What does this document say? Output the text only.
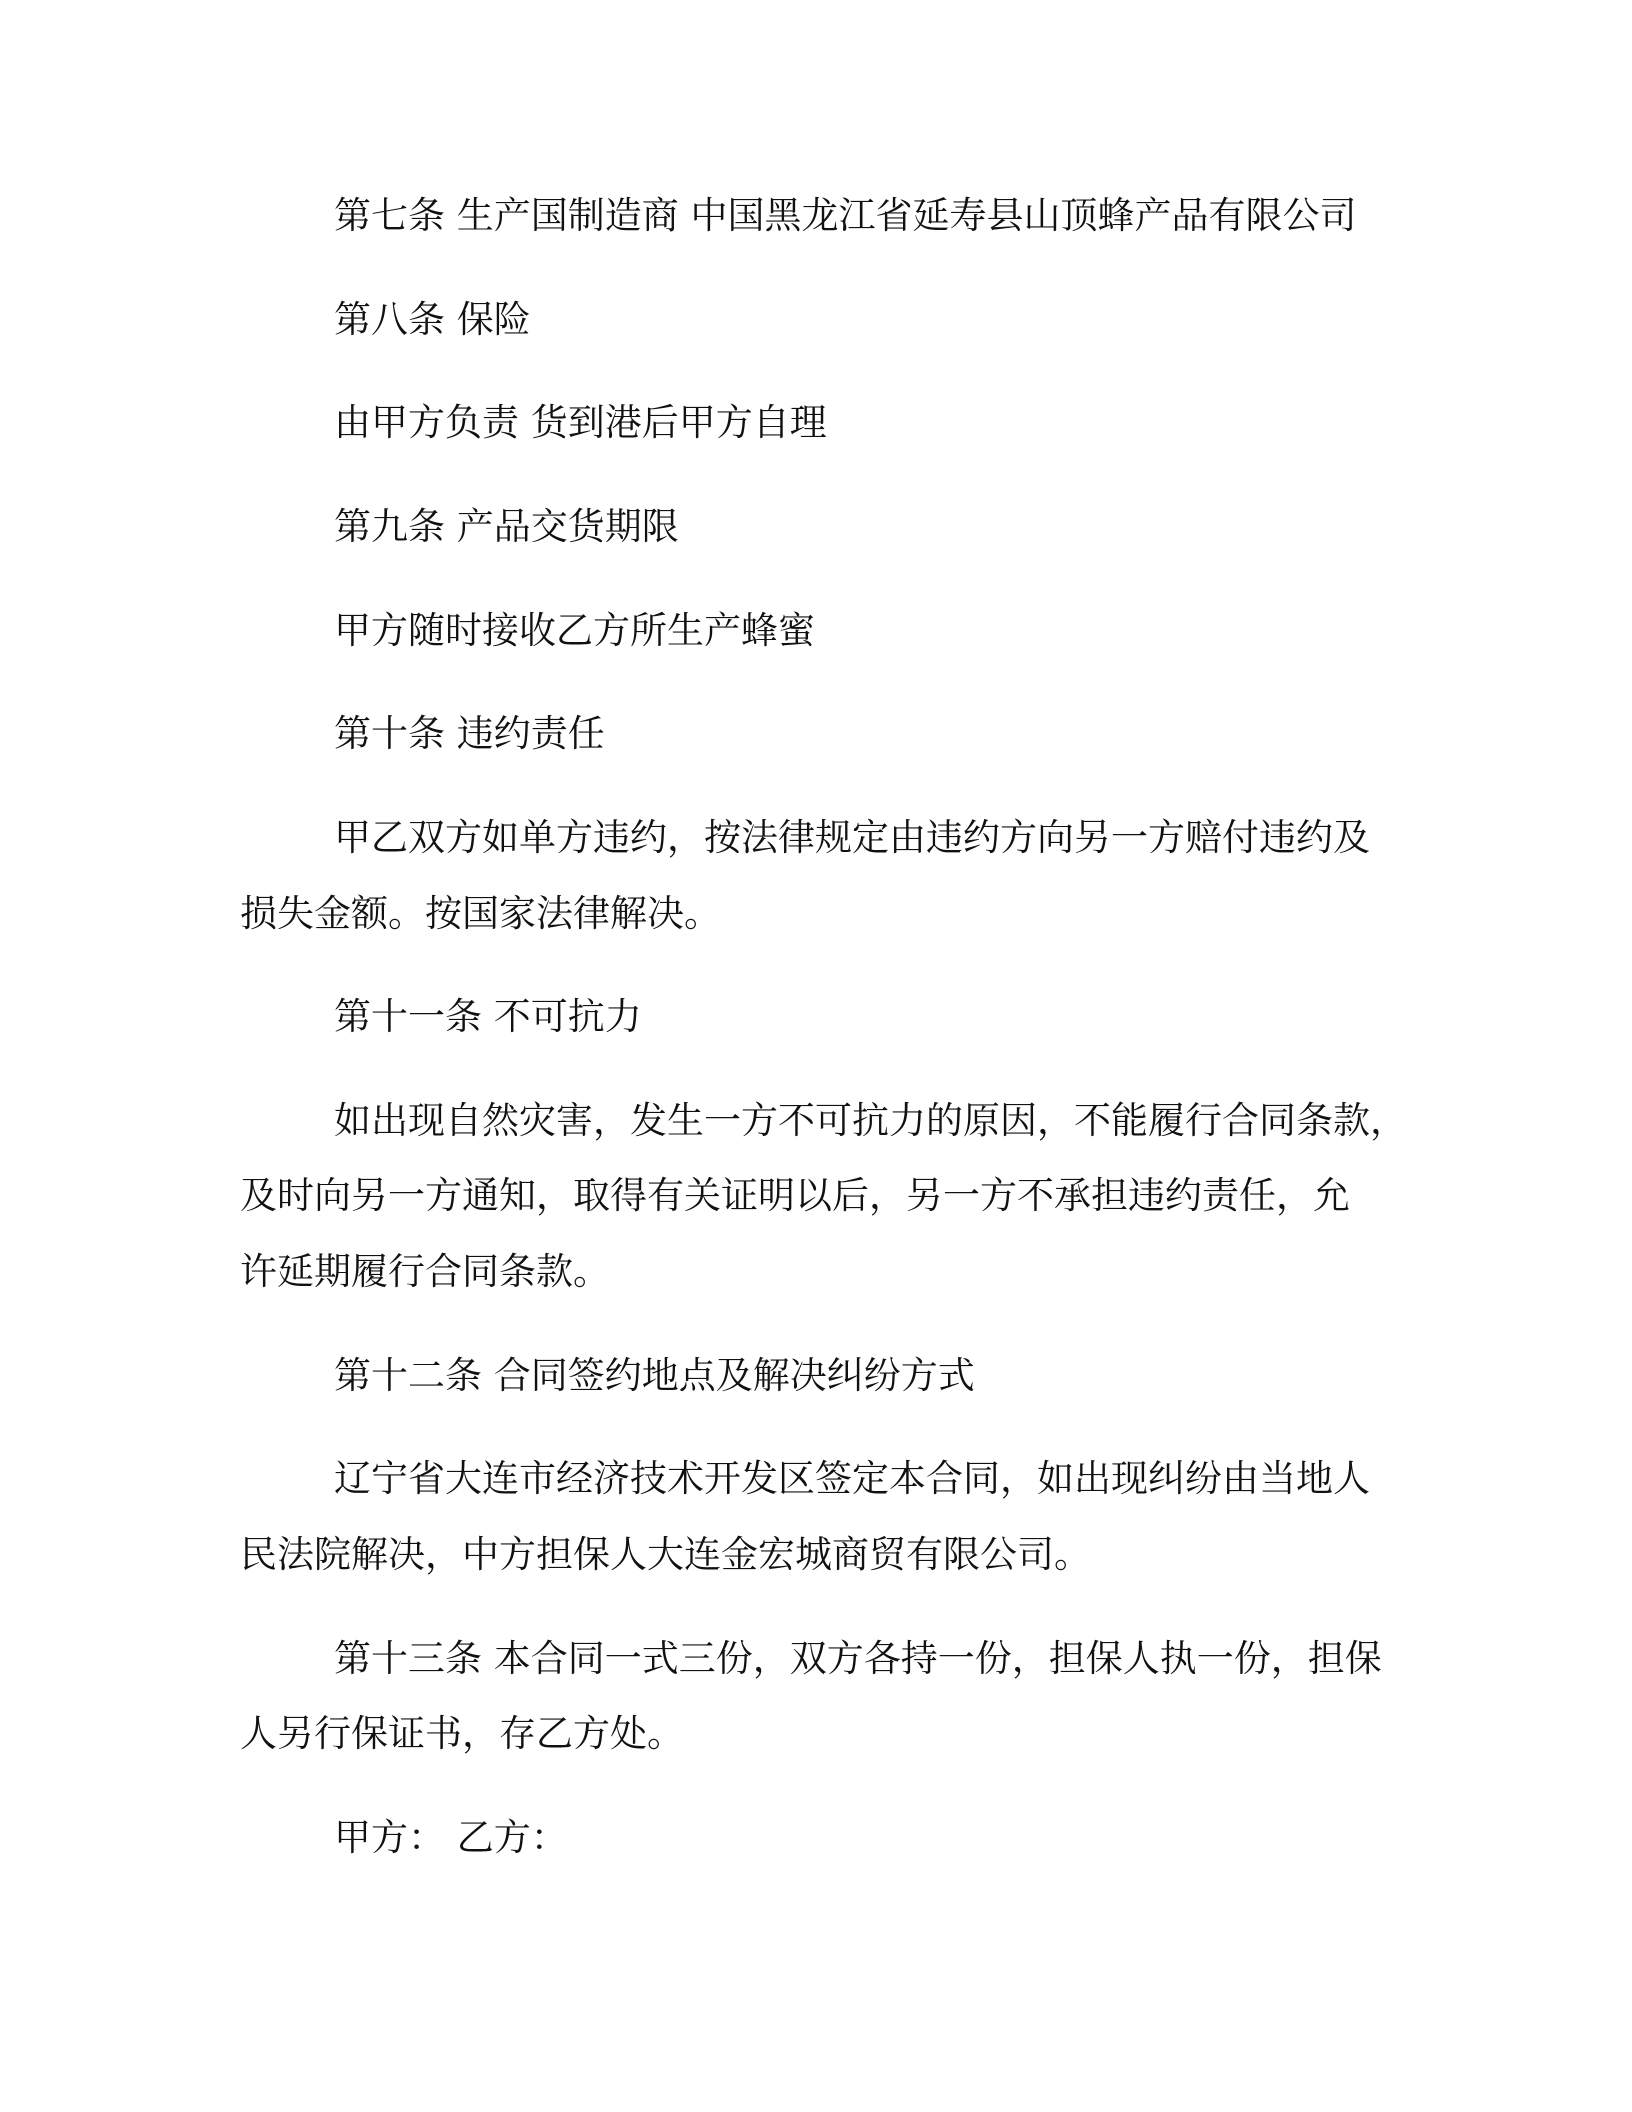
第七条 生产国制造商 中国黑龙江省延寿县山顶蜂产品有限公司
第八条 保险
由甲方负责 货到港后甲方自理
第九条 产品交货期限
甲方随时接收乙方所生产蜂蜜
第十条 违约责任
甲乙双方如单方违约，按法律规定由违约方向另一方赔付违约及
损失金额。按国家法律解决。
第十一条 不可抗力
如出现自然灾害，发生一方不可抗力的原因，不能履行合同条款，
及时向另一方通知，取得有关证明以后，另一方不承担违约责任，允
许延期履行合同条款。
第十二条 合同签约地点及解决纠纷方式
辽宁省大连市经济技术开发区签定本合同，如出现纠纷由当地人
民法院解决，中方担保人大连金宏城商贸有限公司。
第十三条 本合同一式三份，双方各持一份，担保人执一份，担保
人另行保证书，存乙方处。
甲方： 乙方：
